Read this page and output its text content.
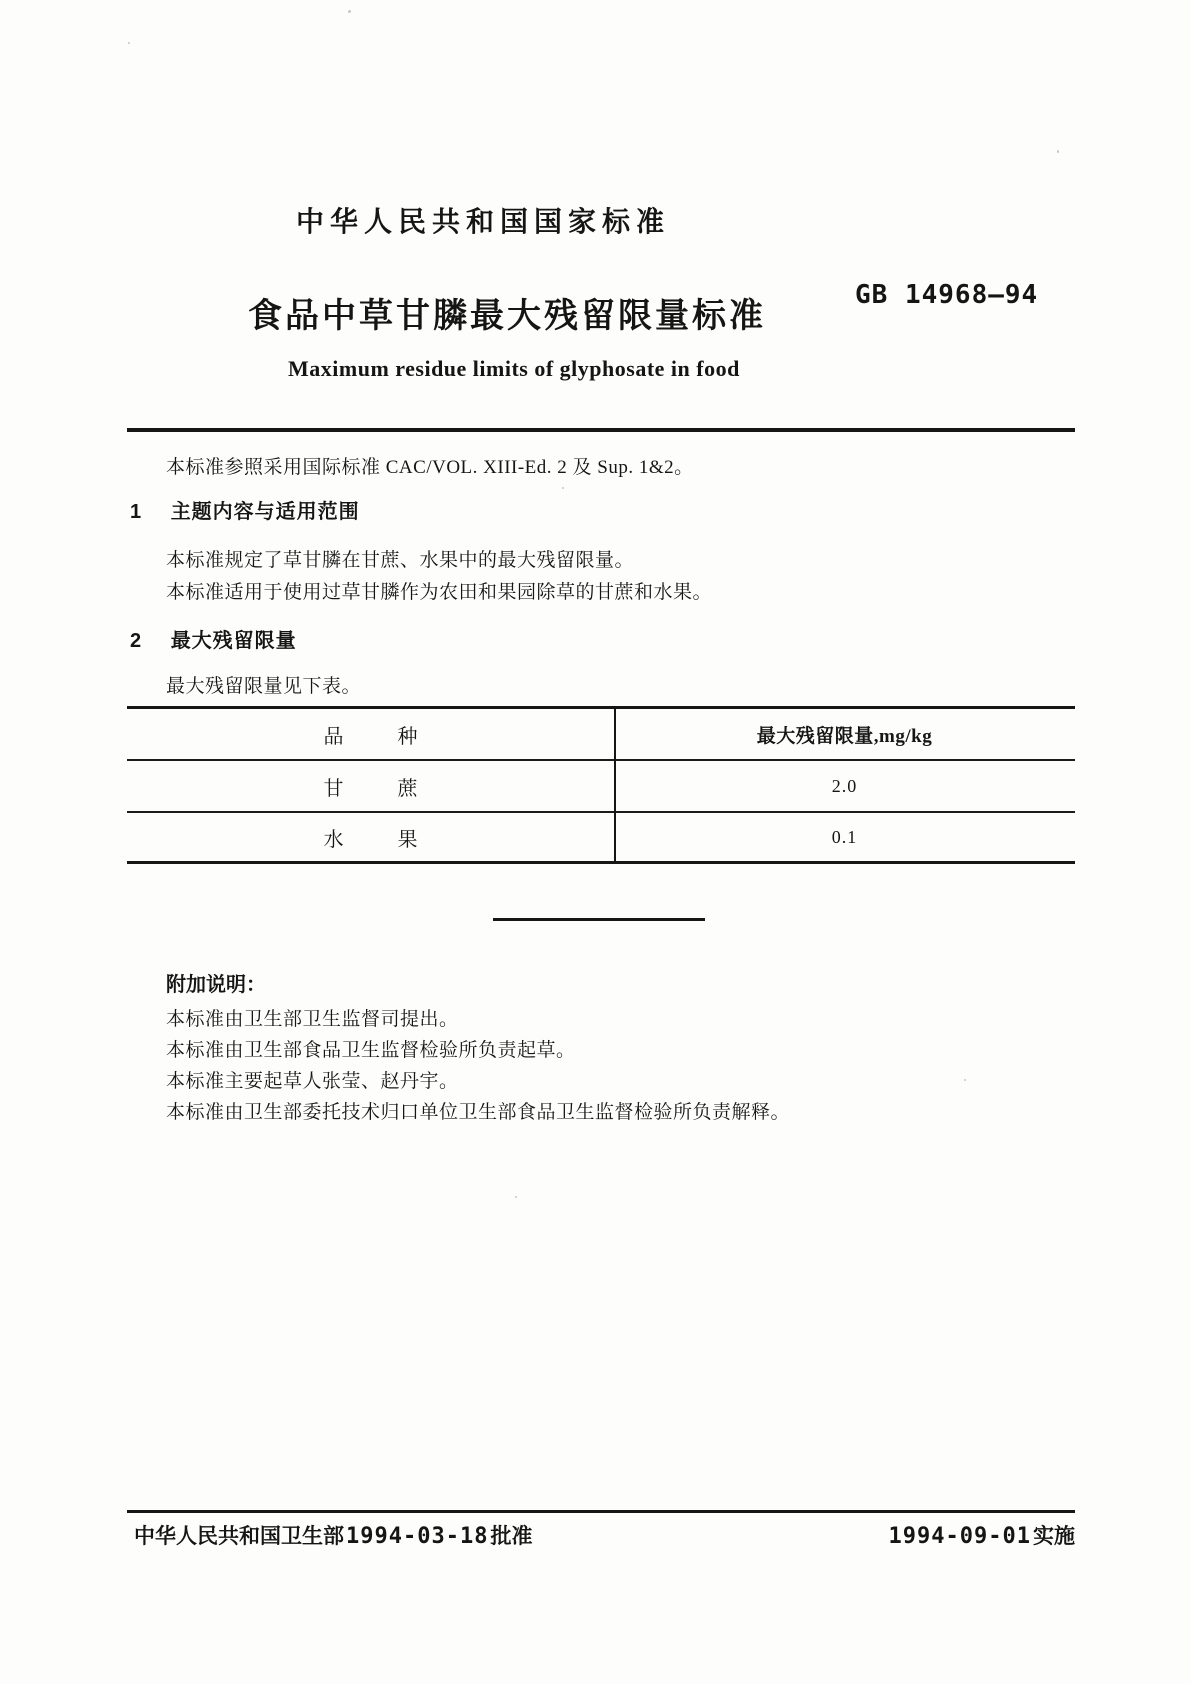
中华人民共和国国家标准
食品中草甘膦最大残留限量标准
GB 14968—94
Maximum residue limits of glyphosate in food
本标准参照采用国际标准 CAC/VOL. XIII-Ed. 2 及 Sup. 1&2。
1 主题内容与适用范围
本标准规定了草甘膦在甘蔗、水果中的最大残留限量。
本标准适用于使用过草甘膦作为农田和果园除草的甘蔗和水果。
2 最大残留限量
最大残留限量见下表。
品	种	最大残留限量,mg/kg
甘	蔗	2.0
水	果	0.1
附加说明：
本标准由卫生部卫生监督司提出。
本标准由卫生部食品卫生监督检验所负责起草。
本标准主要起草人张莹、赵丹宇。
本标准由卫生部委托技术归口单位卫生部食品卫生监督检验所负责解释。
中华人民共和国卫生部1994-03-18批准	1994-09-01实施
